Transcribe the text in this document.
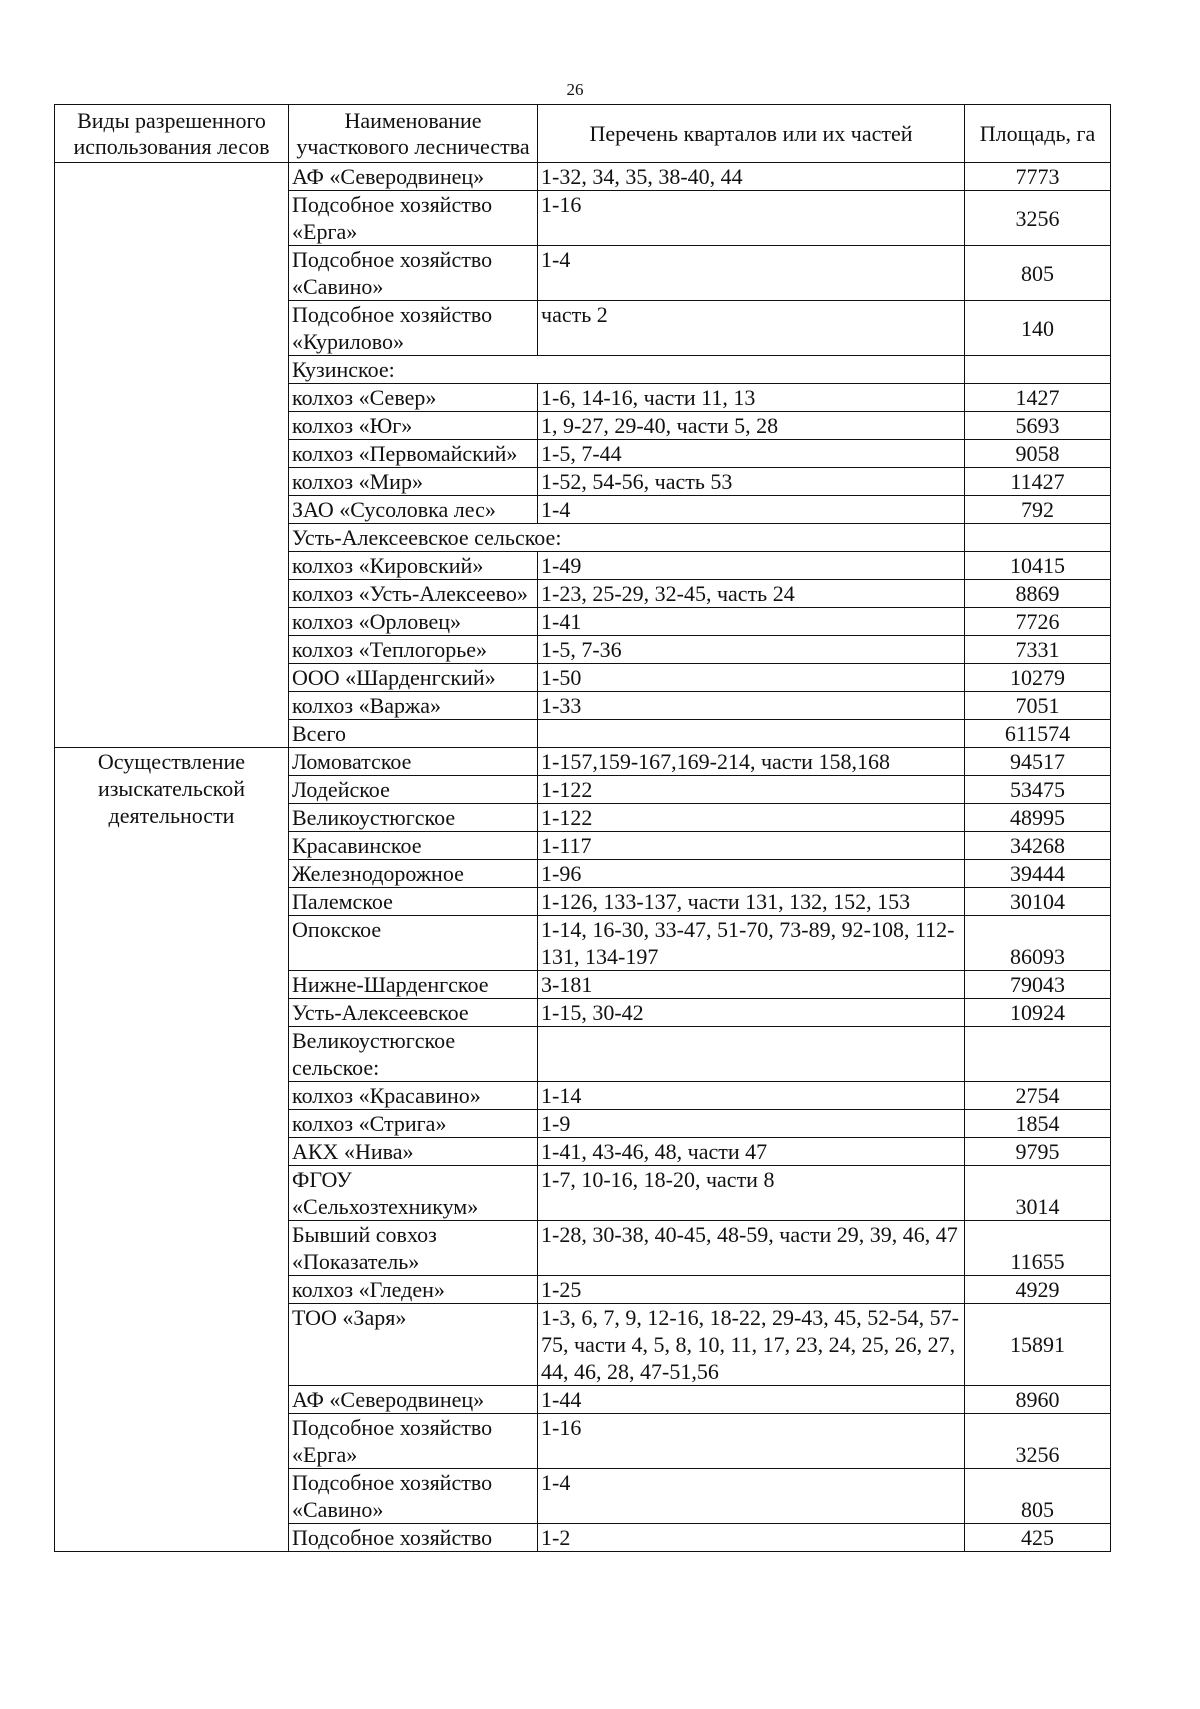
26
Виды разрешенного использования лесов	Наименование участкового лесничества	Перечень кварталов или их частей	Площадь, га
	АФ «Северодвинец»	1-32, 34, 35, 38-40, 44	7773
	Подсобное хозяйство «Ерга»	1-16	3256
	Подсобное хозяйство «Савино»	1-4	805
	Подсобное хозяйство «Курилово»	часть 2	140
	Кузинское:		
	колхоз «Север»	1-6, 14-16, части 11, 13	1427
	колхоз «Юг»	1, 9-27, 29-40, части 5, 28	5693
	колхоз «Первомайский»	1-5, 7-44	9058
	колхоз «Мир»	1-52, 54-56, часть 53	11427
	ЗАО «Сусоловка лес»	1-4	792
	Усть-Алексеевское сельское:		
	колхоз «Кировский»	1-49	10415
	колхоз «Усть-Алексеево»	1-23, 25-29, 32-45, часть 24	8869
	колхоз «Орловец»	1-41	7726
	колхоз «Теплогорье»	1-5, 7-36	7331
	ООО «Шарденгский»	1-50	10279
	колхоз «Варжа»	1-33	7051
	Всего		611574
Осуществление изыскательской деятельности	Ломоватское	1-157,159-167,169-214, части 158,168	94517
	Лодейское	1-122	53475
	Великоустюгское	1-122	48995
	Красавинское	1-117	34268
	Железнодорожное	1-96	39444
	Палемское	1-126, 133-137, части 131, 132, 152, 153	30104
	Опокское	1-14, 16-30, 33-47, 51-70, 73-89, 92-108, 112-131, 134-197	86093
	Нижне-Шарденгское	3-181	79043
	Усть-Алексеевское	1-15, 30-42	10924
	Великоустюгское сельское:		
	колхоз «Красавино»	1-14	2754
	колхоз «Стрига»	1-9	1854
	АКХ «Нива»	1-41, 43-46, 48, части 47	9795
	ФГОУ «Сельхозтехникум»	1-7, 10-16, 18-20, части 8	3014
	Бывший совхоз «Показатель»	1-28, 30-38, 40-45, 48-59, части 29, 39, 46, 47	11655
	колхоз «Гледен»	1-25	4929
	ТОО «Заря»	1-3, 6, 7, 9, 12-16, 18-22, 29-43, 45, 52-54, 57-75, части 4, 5, 8, 10, 11, 17, 23, 24, 25, 26, 27, 44, 46, 28, 47-51,56	15891
	АФ «Северодвинец»	1-44	8960
	Подсобное хозяйство «Ерга»	1-16	3256
	Подсобное хозяйство «Савино»	1-4	805
	Подсобное хозяйство	1-2	425
